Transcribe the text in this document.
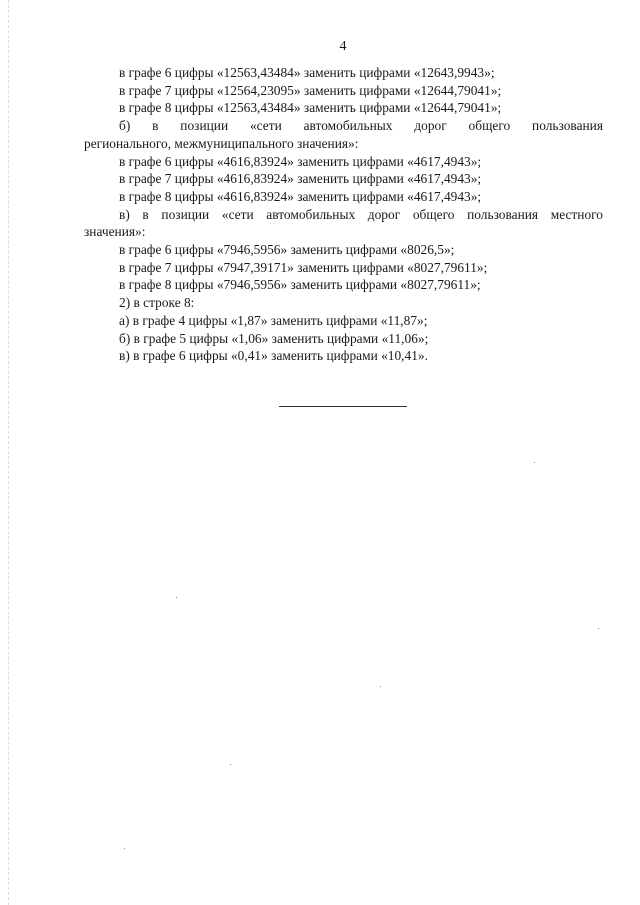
4
в графе 6 цифры «12563,43484» заменить цифрами «12643,9943»;
в графе 7 цифры «12564,23095» заменить цифрами «12644,79041»;
в графе 8 цифры «12563,43484» заменить цифрами «12644,79041»;
б) в позиции «сети автомобильных дорог общего пользования
регионального, межмуниципального значения»:
в графе 6 цифры «4616,83924» заменить цифрами «4617,4943»;
в графе 7 цифры «4616,83924» заменить цифрами «4617,4943»;
в графе 8 цифры «4616,83924» заменить цифрами «4617,4943»;
в) в позиции «сети автомобильных дорог общего пользования местного
значения»:
в графе 6 цифры «7946,5956» заменить цифрами «8026,5»;
в графе 7 цифры «7947,39171» заменить цифрами «8027,79611»;
в графе 8 цифры «7946,5956» заменить цифрами «8027,79611»;
2) в строке 8:
а) в графе 4 цифры «1,87» заменить цифрами «11,87»;
б) в графе 5 цифры «1,06» заменить цифрами «11,06»;
в) в графе 6 цифры «0,41» заменить цифрами «10,41».
